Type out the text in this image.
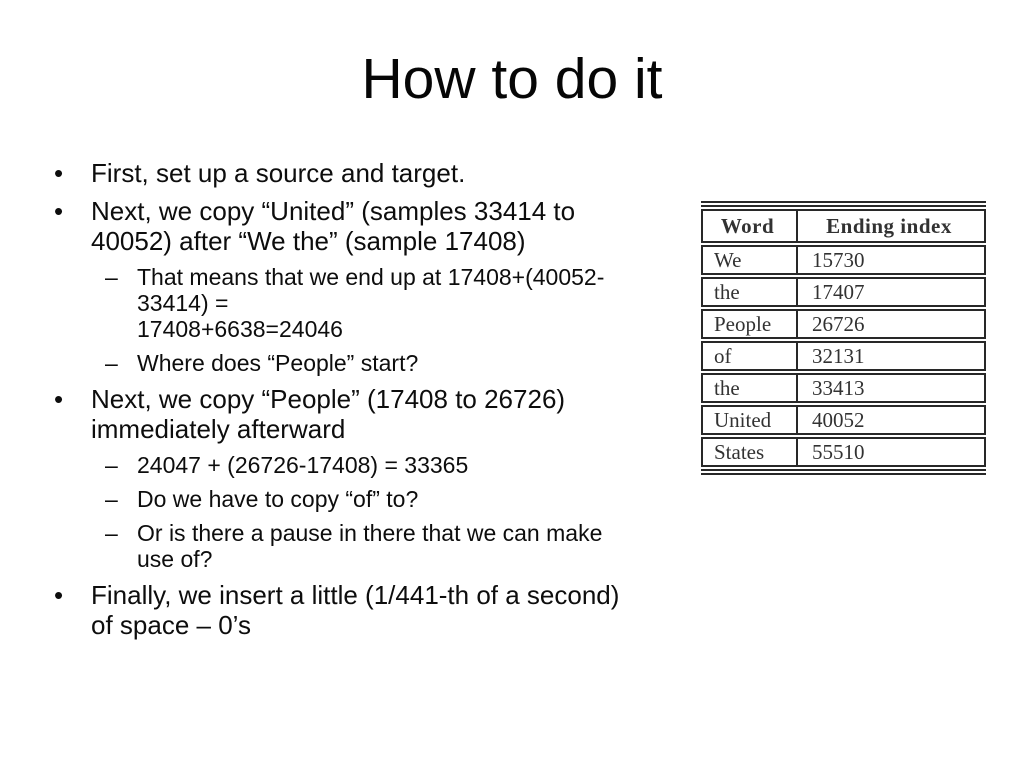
How to do it
•	First, set up a source and target.
•	Next, we copy “United” (samples 33414 to
40052) after “We the” (sample 17408)
– That means that we end up at 17408+(40052-
33414) =
17408+6638=24046
– Where does “People” start?
•	Next, we copy “People” (17408 to 26726)
immediately afterward
– 24047 + (26726-17408) = 33365
– Do we have to copy “of” to?
– Or is there a pause in there that we can make
use of?
•	Finally, we insert a little (1/441-th of a second)
of space – 0’s
Word	Ending index
We	15730
the	17407
People	26726
of	32131
the	33413
United	40052
States	55510
